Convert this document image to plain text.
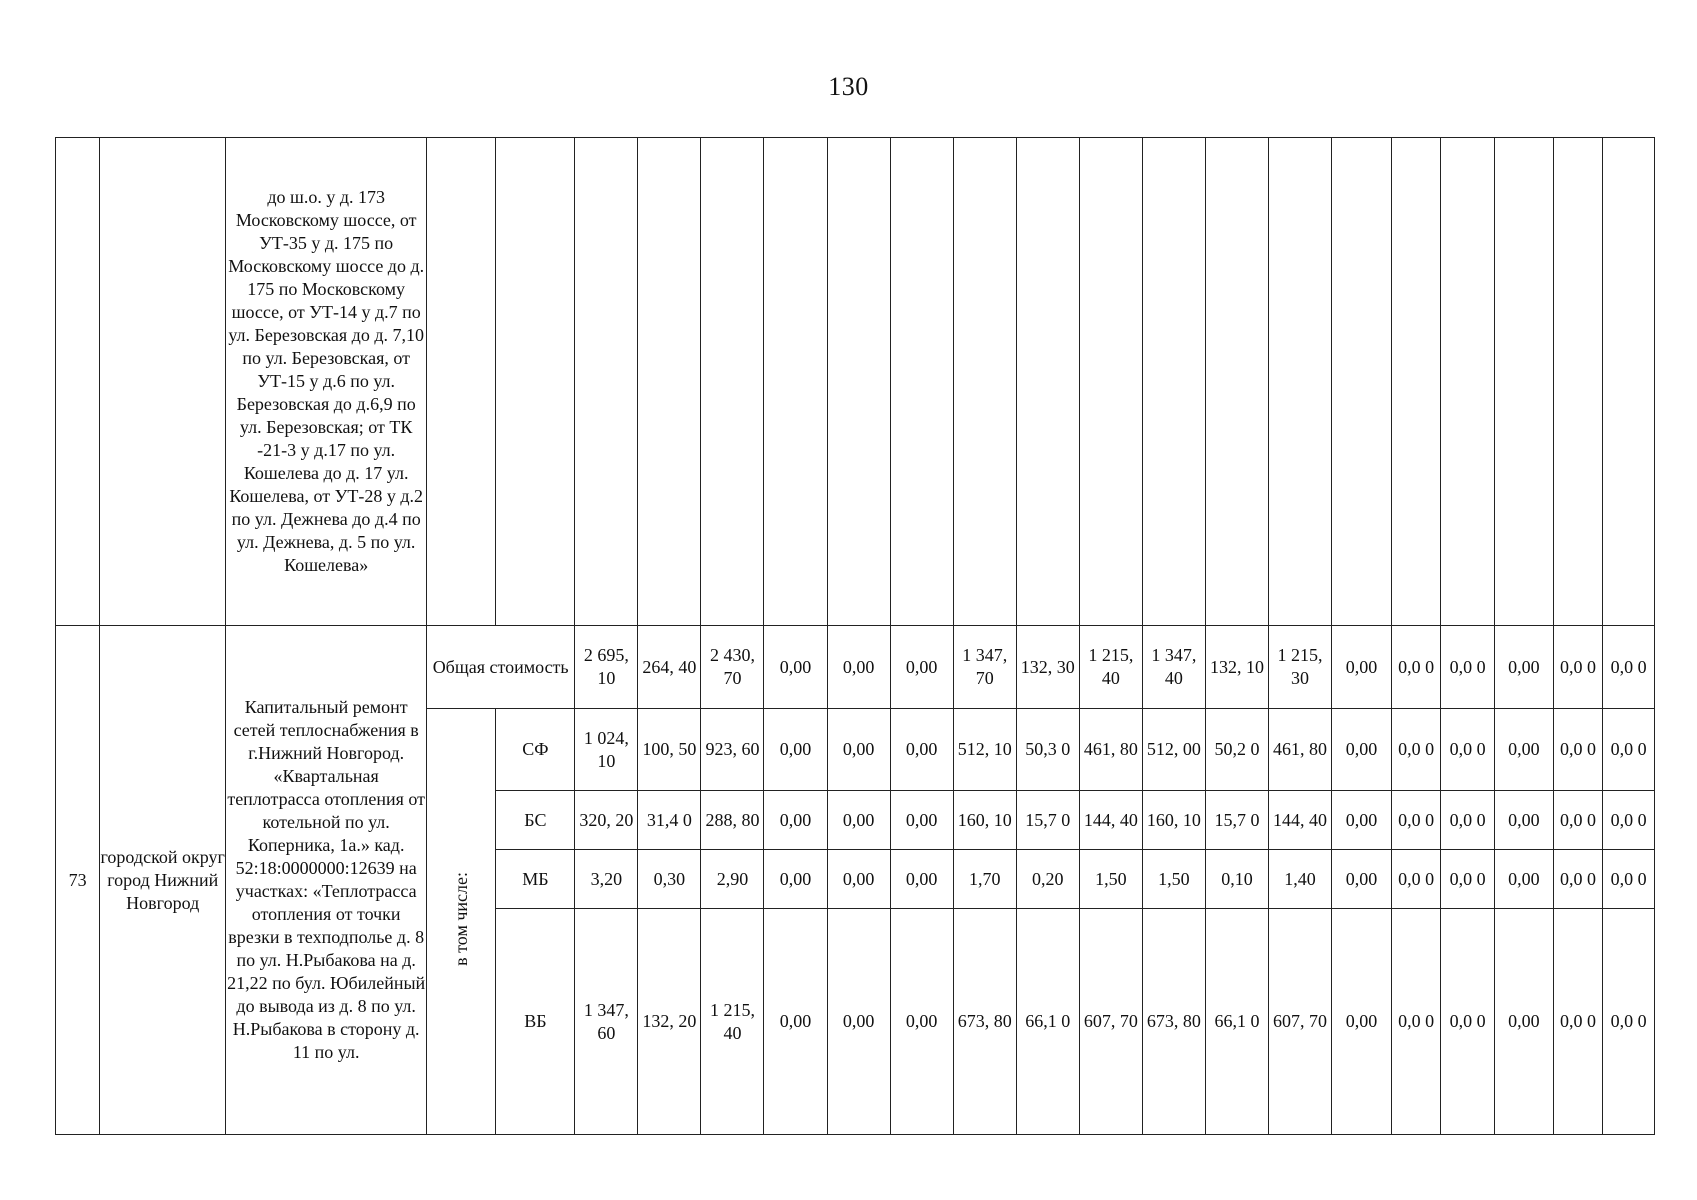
130
		до ш.о. у д. 173 Московскому шоссе, от УТ-35 у д. 175 по Московскому шоссе до д. 175 по Московскому шоссе, от УТ-14 у д.7 по ул. Березовская до д. 7,10 по ул. Березовская, от УТ-15 у д.6 по ул. Березовская до д.6,9 по ул. Березовская; от ТК -21-3 у д.17 по ул. Кошелева до д. 17 ул. Кошелева, от УТ-28 у д.2 по ул. Дежнева до д.4 по ул. Дежнева, д. 5 по ул. Кошелева»																				
73	городской округ город Нижний Новгород	Капитальный ремонт сетей теплоснабжения в г.Нижний Новгород. «Квартальная теплотрасса отопления от котельной по ул. Коперника, 1а.» кад. 52:18:0000000:12639 на участках: «Теплотрасса отопления от точки врезки в техподполье д. 8 по ул. Н.Рыбакова на д. 21,22 по бул. Юбилейный до вывода из д. 8 по ул. Н.Рыбакова в сторону д. 11 по ул.	Общая стоимость		2 695, 10	264, 40	2 430, 70	0,00	0,00	0,00	1 347, 70	132, 30	1 215, 40	1 347, 40	132, 10	1 215, 30	0,00	0,0 0	0,0 0	0,00	0,0 0	0,0 0
			в том числе:	СФ	1 024, 10	100, 50	923, 60	0,00	0,00	0,00	512, 10	50,3 0	461, 80	512, 00	50,2 0	461, 80	0,00	0,0 0	0,0 0	0,00	0,0 0	0,0 0
				БС	320, 20	31,4 0	288, 80	0,00	0,00	0,00	160, 10	15,7 0	144, 40	160, 10	15,7 0	144, 40	0,00	0,0 0	0,0 0	0,00	0,0 0	0,0 0
				МБ	3,20	0,30	2,90	0,00	0,00	0,00	1,70	0,20	1,50	1,50	0,10	1,40	0,00	0,0 0	0,0 0	0,00	0,0 0	0,0 0
				ВБ	1 347, 60	132, 20	1 215, 40	0,00	0,00	0,00	673, 80	66,1 0	607, 70	673, 80	66,1 0	607, 70	0,00	0,0 0	0,0 0	0,00	0,0 0	0,0 0
